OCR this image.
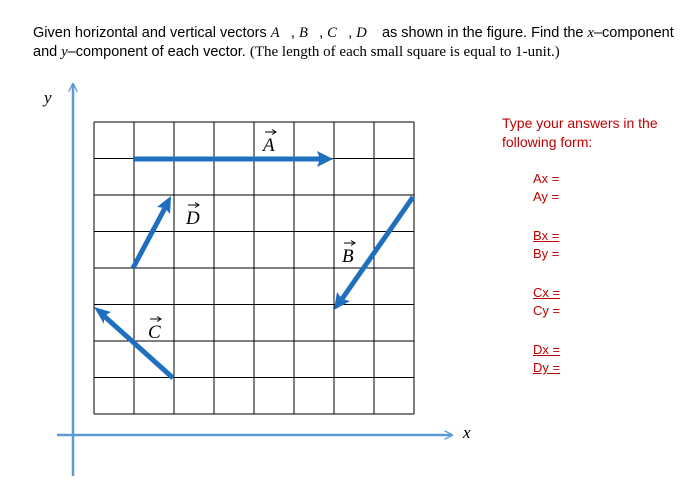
Given horizontal and vertical vectors A, B, C, D as shown in the figure. Find the x–component and y–component of each vector. (The length of each small square is equal to 1-unit.)
y
x
A
B
C
D
Type your answers in the following form:
Ax =
Ay =
Bx =
By =
Cx =
Cy =
Dx =
Dy =
